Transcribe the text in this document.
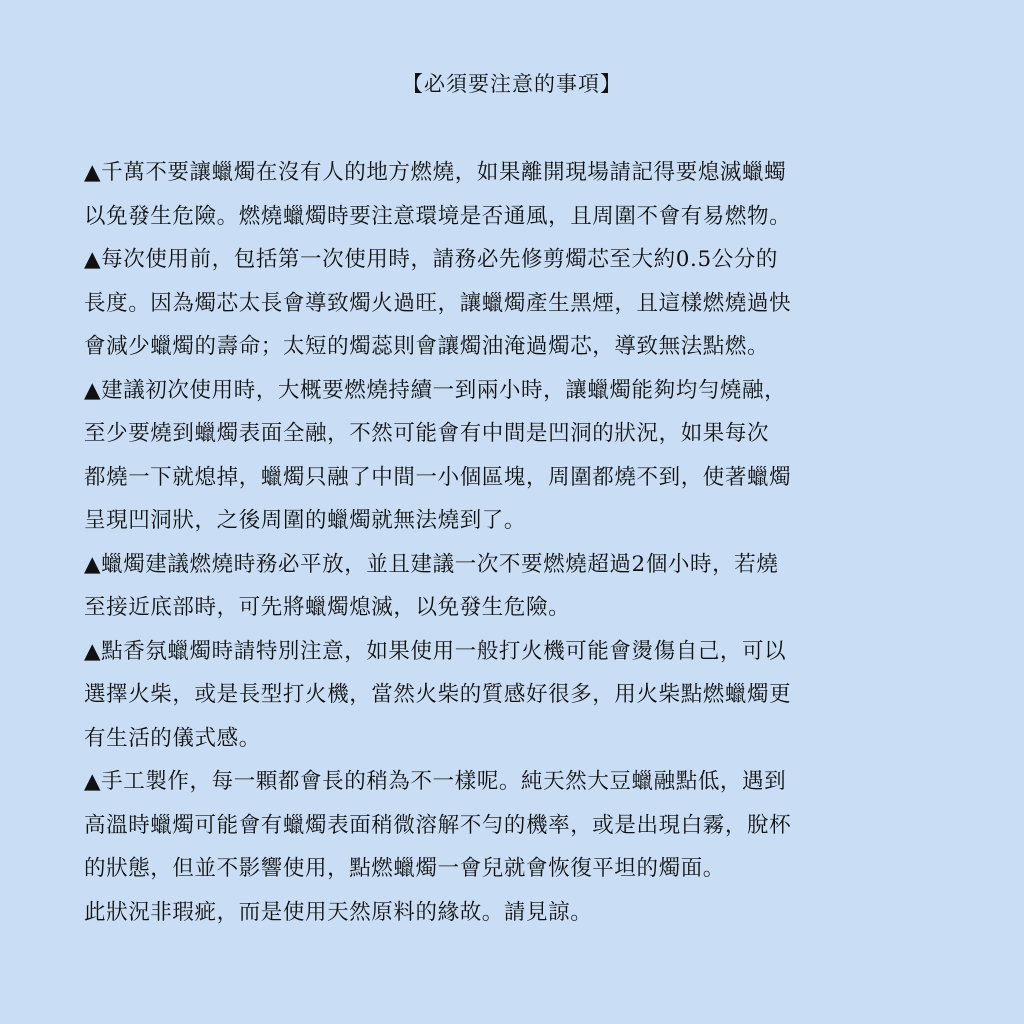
【必須要注意的事項】
▲千萬不要讓蠟燭在沒有人的地方燃燒，如果離開現場請記得要熄滅蠟蠋
以免發生危險。燃燒蠟燭時要注意環境是否通風，且周圍不會有易燃物。
▲每次使用前，包括第一次使用時，請務必先修剪燭芯至大約0.5公分的
長度。因為燭芯太長會導致燭火過旺，讓蠟燭產生黑煙，且這樣燃燒過快
會減少蠟燭的壽命；太短的燭蕊則會讓燭油淹過燭芯，導致無法點燃。
▲建議初次使用時，大概要燃燒持續一到兩小時，讓蠟燭能夠均勻燒融，
至少要燒到蠟燭表面全融，不然可能會有中間是凹洞的狀況，如果每次
都燒一下就熄掉，蠟燭只融了中間一小個區塊，周圍都燒不到，使著蠟燭
呈現凹洞狀，之後周圍的蠟燭就無法燒到了。
▲蠟燭建議燃燒時務必平放，並且建議一次不要燃燒超過2個小時，若燒
至接近底部時，可先將蠟燭熄滅，以免發生危險。
▲點香氛蠟燭時請特別注意，如果使用一般打火機可能會燙傷自己，可以
選擇火柴，或是長型打火機，當然火柴的質感好很多，用火柴點燃蠟燭更
有生活的儀式感。
▲手工製作，每一顆都會長的稍為不一樣呢。純天然大豆蠟融點低，遇到
高溫時蠟燭可能會有蠟燭表面稍微溶解不勻的機率，或是出現白霧，脫杯
的狀態，但並不影響使用，點燃蠟燭一會兒就會恢復平坦的燭面。
此狀況非瑕疵，而是使用天然原料的緣故。請見諒。
